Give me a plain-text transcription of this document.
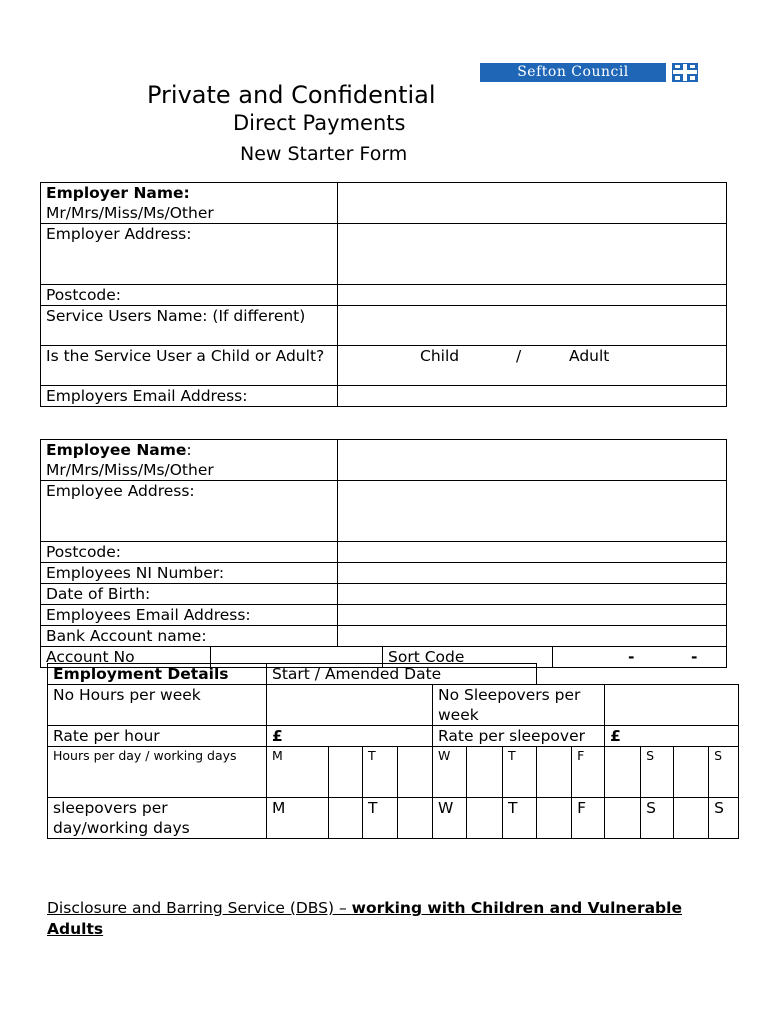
Sefton Council
Private and Confidential
Direct Payments
New Starter Form
Employer Name:
Mr/Mrs/Miss/Ms/Other	

Employer Address:	
Postcode:	
Service Users Name: (If different)	
Is the Service User a Child or Adult?	Child / Adult

Employers Email Address:	
Employee Name:
Mr/Mrs/Miss/Ms/Other				

Employee Address:				
Postcode:				
Employees NI Number:				
Date of Birth:				
Employees Email Address:				
Bank Account name:				
Account No			Sort Code	- -
Employment Details	Start / Amended Date												
No Hours per week					No Sleepovers per week								
Rate per hour	£				Rate per sleepover					£			
Hours per day / working days	M		T		W		T		F		S		S
sleepovers per day/working days	M		T		W		T		F		S		S
Disclosure and Barring Service (DBS) – working with Children and Vulnerable Adults
